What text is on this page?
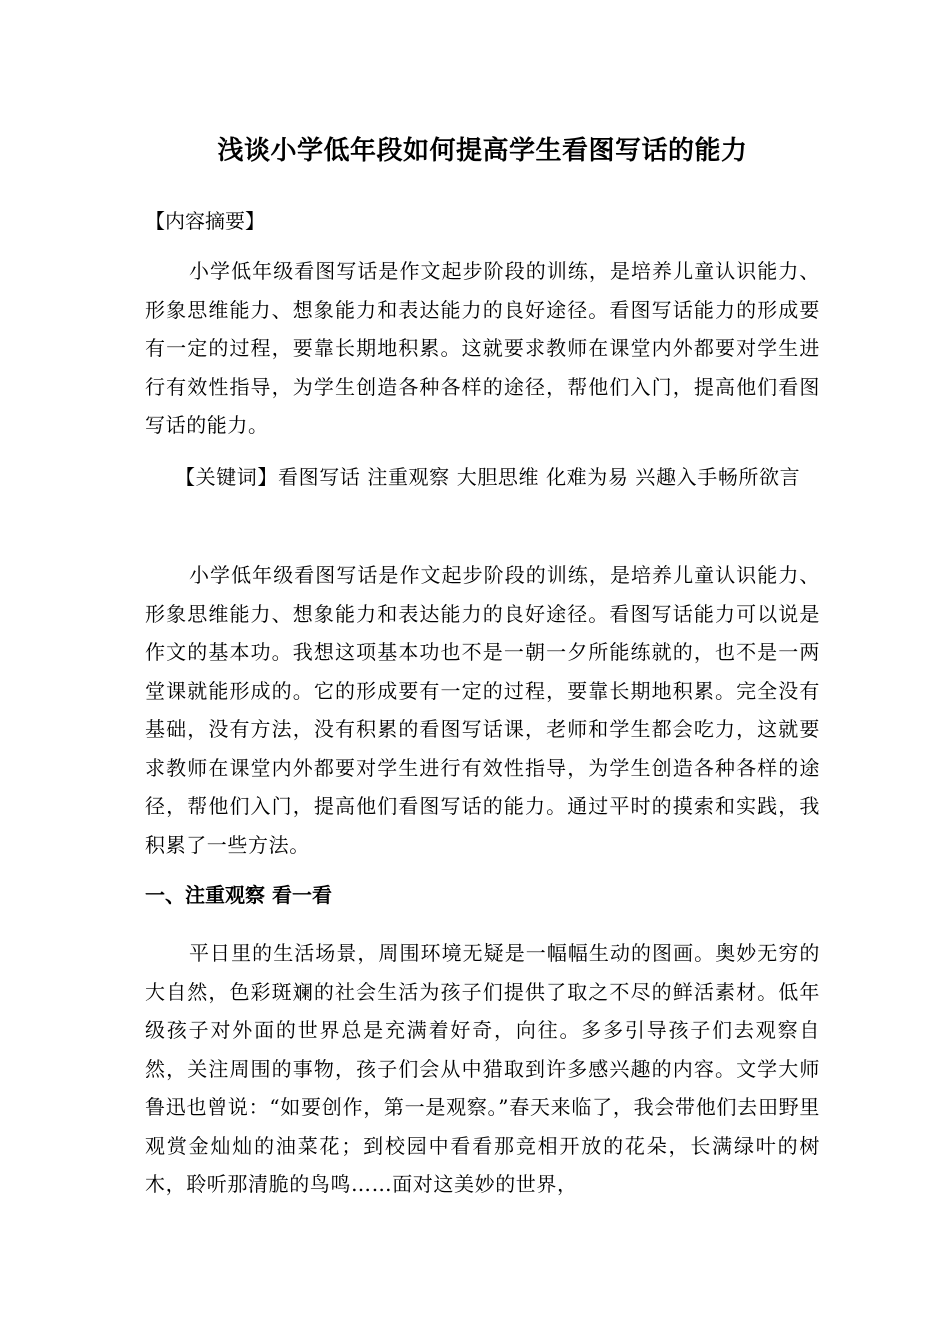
浅谈小学低年段如何提高学生看图写话的能力

【内容摘要】

小学低年级看图写话是作文起步阶段的训练，是培养儿童认识能力、形象思维能力、想象能力和表达能力的良好途径。看图写话能力的形成要有一定的过程，要靠长期地积累。这就要求教师在课堂内外都要对学生进行有效性指导，为学生创造各种各样的途径，帮他们入门，提高他们看图写话的能力。

【关键词】看图写话 注重观察 大胆思维 化难为易 兴趣入手畅所欲言

小学低年级看图写话是作文起步阶段的训练，是培养儿童认识能力、形象思维能力、想象能力和表达能力的良好途径。看图写话能力可以说是作文的基本功。我想这项基本功也不是一朝一夕所能练就的，也不是一两堂课就能形成的。它的形成要有一定的过程，要靠长期地积累。完全没有基础，没有方法，没有积累的看图写话课，老师和学生都会吃力，这就要求教师在课堂内外都要对学生进行有效性指导，为学生创造各种各样的途径，帮他们入门，提高他们看图写话的能力。通过平时的摸索和实践，我积累了一些方法。

一、注重观察 看一看

平日里的生活场景，周围环境无疑是一幅幅生动的图画。奥妙无穷的大自然，色彩斑斓的社会生活为孩子们提供了取之不尽的鲜活素材。低年级孩子对外面的世界总是充满着好奇，向往。多多引导孩子们去观察自然，关注周围的事物，孩子们会从中猎取到许多感兴趣的内容。文学大师鲁迅也曾说：“如要创作，第一是观察。”春天来临了，我会带他们去田野里观赏金灿灿的油菜花；到校园中看看那竞相开放的花朵，长满绿叶的树木，聆听那清脆的鸟鸣……面对这美妙的世界，
